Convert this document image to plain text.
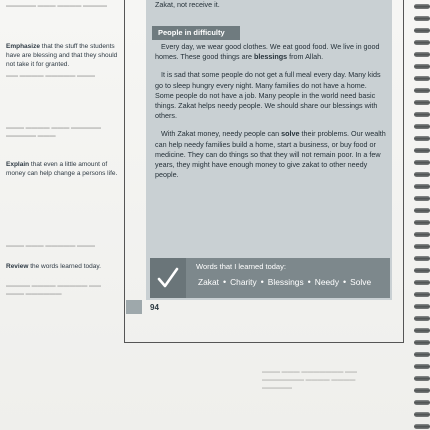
▬▬▬▬▬ ▬▬▬ ▬▬▬▬ ▬▬▬▬
▬▬ ▬▬▬▬ ▬▬▬▬▬ ▬▬▬
▬▬▬ ▬▬▬▬ ▬▬▬ ▬▬▬▬▬
▬▬▬▬▬ ▬▬▬
▬▬▬ ▬▬▬ ▬▬▬▬▬ ▬▬▬
▬▬▬▬ ▬▬▬▬ ▬▬▬▬▬ ▬▬
▬▬▬ ▬▬▬▬▬▬
▬▬▬ ▬▬▬ ▬▬▬▬▬▬▬ ▬▬
▬▬▬▬▬▬▬ ▬▬▬▬ ▬▬▬▬
▬▬▬▬▬
Emphasize that the stuff the students have are blessing and that they should not take it for granted.
Explain that even a little amount of money can help change a persons life.
Review the words learned today.

Zakat, not receive it.

Every day, we wear good clothes. We eat good food. We live in good homes. These good things are blessings from Allah.

It is sad that some people do not get a full meal every day. Many kids go to sleep hungry every night. Many families do not have a home. Some people do not have a job. Many people in the world need basic things. Zakat helps needy people. We should share our blessings with others.

With Zakat money, needy people can solve their problems. Our wealth can help needy families build a home, start a business, or buy food or medicine. They can do things so that they will not remain poor. In a few years, they might have enough money to give zakat to other needy people.

People in difficulty
Words that I learned today:
Zakat • Charity • Blessings • Needy • Solve
94
